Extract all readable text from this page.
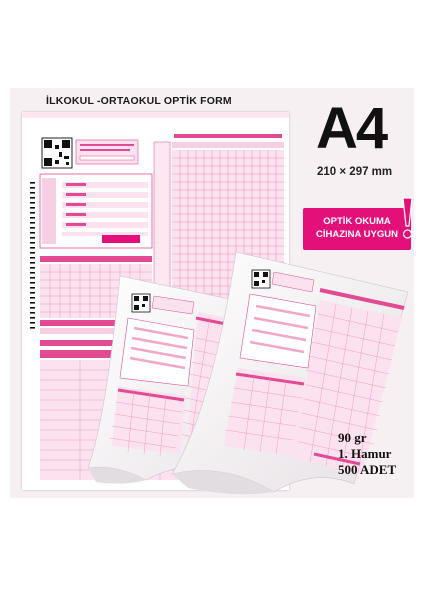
İLKOKUL -ORTAOKUL OPTİK FORM A4
210 × 297 mm
OPTİK OKUMA
CİHAZINA UYGUN
90 gr
1. Hamur
500 ADET
